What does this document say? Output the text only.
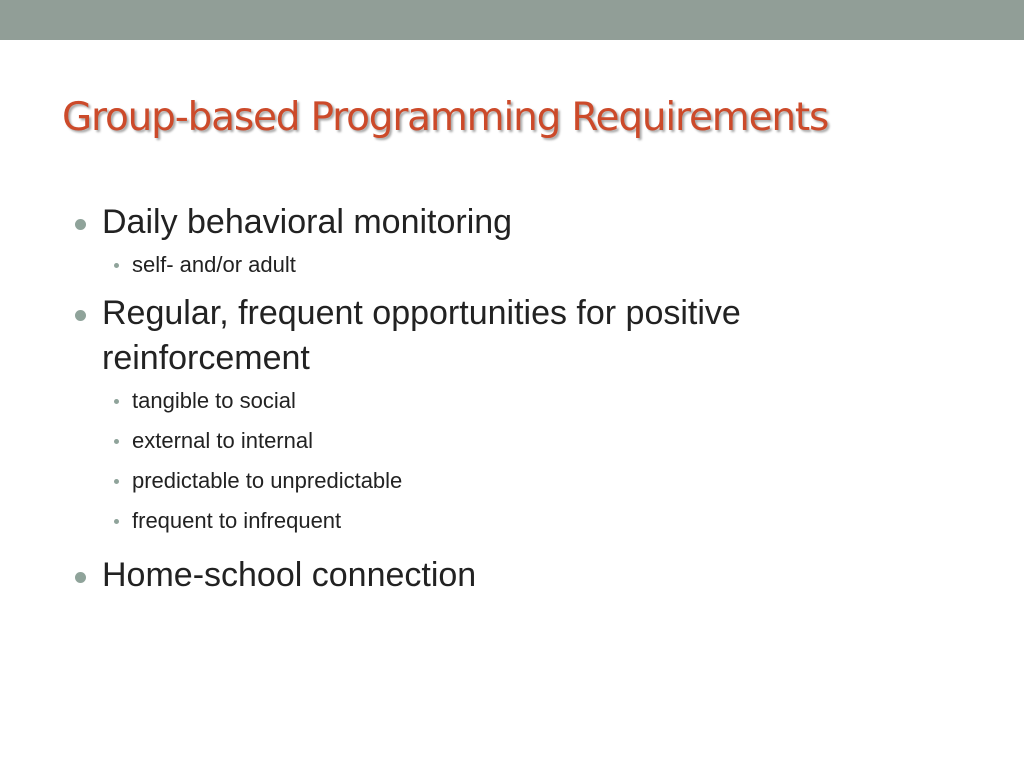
Group-based Programming Requirements
Daily behavioral monitoring
self- and/or adult
Regular, frequent opportunities for positive reinforcement
tangible to social
external to internal
predictable to unpredictable
frequent to infrequent
Home-school connection
